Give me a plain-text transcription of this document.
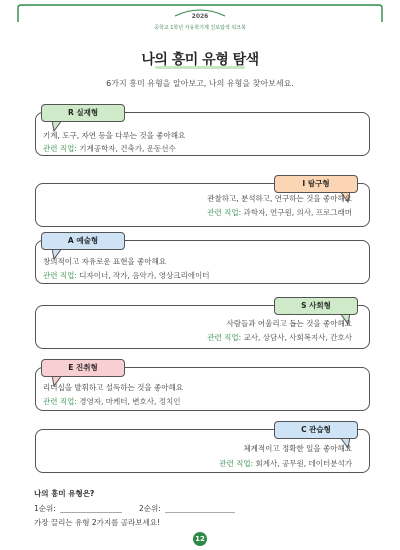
2026
중학교 1학년 자유학기제 진로탐색 워크북
나의 흥미 유형 탐색
6가지 흥미 유형을 알아보고, 나의 유형을 찾아보세요.
R 실재형
기계, 도구, 자연 등을 다루는 것을 좋아해요
관련 직업: 기계공학자, 건축가, 운동선수
I 탐구형
관찰하고, 분석하고, 연구하는 것을 좋아해요
관련 직업: 과학자, 연구원, 의사, 프로그래머
A 예술형
창의적이고 자유로운 표현을 좋아해요
관련 직업: 디자이너, 작가, 음악가, 영상크리에이터
S 사회형
사람들과 어울리고 돕는 것을 좋아해요
관련 직업: 교사, 상담사, 사회복지사, 간호사
E 진취형
리더십을 발휘하고 설득하는 것을 좋아해요
관련 직업: 경영자, 마케터, 변호사, 정치인
C 관습형
체계적이고 정확한 일을 좋아해요
관련 직업: 회계사, 공무원, 데이터분석가
나의 흥미 유형은?
1순위:	2순위:
가장 끌리는 유형 2가지를 골라보세요!
12
